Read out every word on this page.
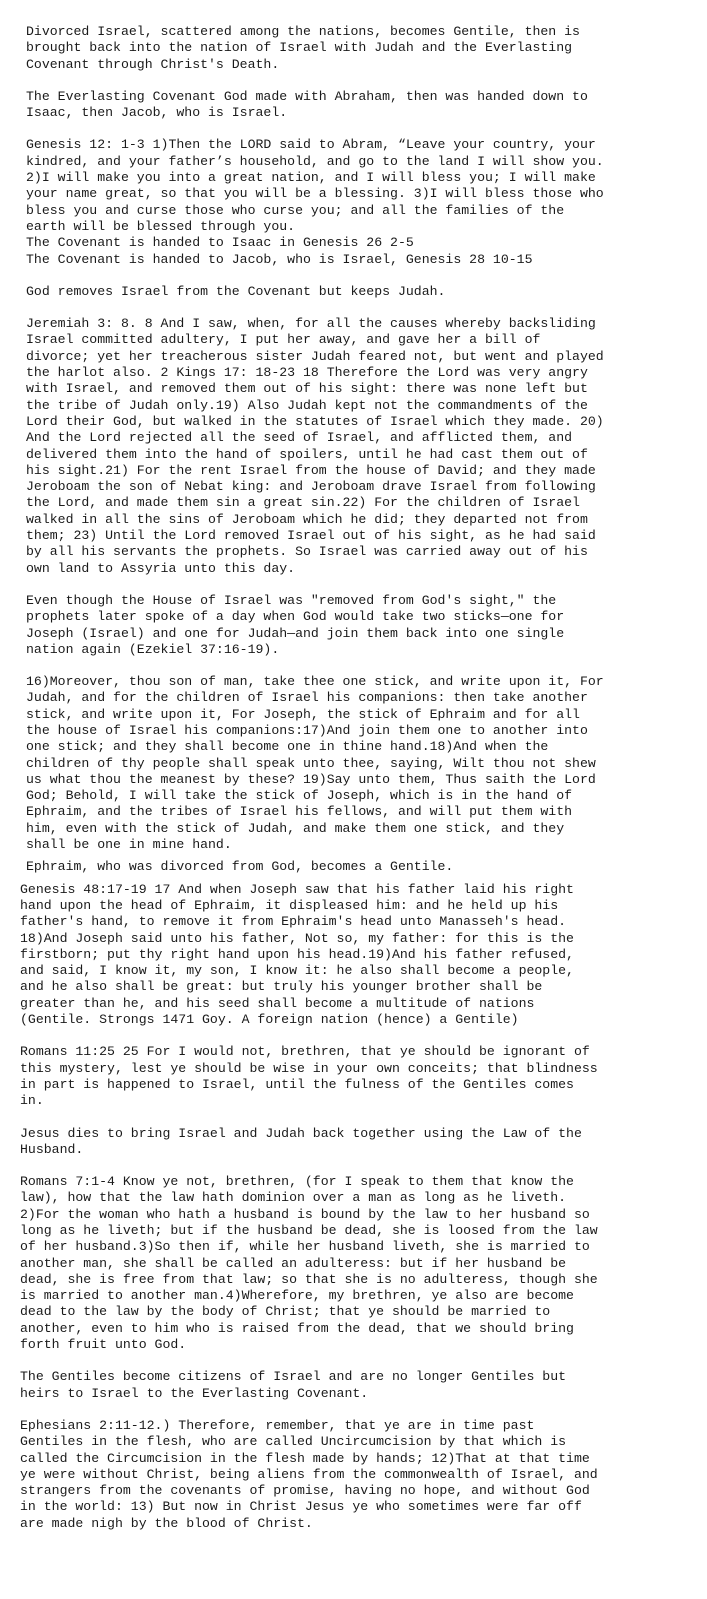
Divorced Israel, scattered among the nations, becomes Gentile, then is
brought back into the nation of Israel with Judah and the Everlasting
Covenant through Christ's Death.

The Everlasting Covenant God made with Abraham, then was handed down to
Isaac, then Jacob, who is Israel.

Genesis 12: 1-3 1)Then the LORD said to Abram, “Leave your country, your
kindred, and your father’s household, and go to the land I will show you.
2)I will make you into a great nation, and I will bless you; I will make
your name great, so that you will be a blessing. 3)I will bless those who
bless you and curse those who curse you; and all the families of the
earth will be blessed through you.
The Covenant is handed to Isaac in Genesis 26 2-5
The Covenant is handed to Jacob, who is Israel, Genesis 28 10-15

God removes Israel from the Covenant but keeps Judah.

Jeremiah 3: 8. 8 And I saw, when, for all the causes whereby backsliding
Israel committed adultery, I put her away, and gave her a bill of
divorce; yet her treacherous sister Judah feared not, but went and played
the harlot also. 2 Kings 17: 18-23 18 Therefore the Lord was very angry
with Israel, and removed them out of his sight: there was none left but
the tribe of Judah only.19) Also Judah kept not the commandments of the
Lord their God, but walked in the statutes of Israel which they made. 20)
And the Lord rejected all the seed of Israel, and afflicted them, and
delivered them into the hand of spoilers, until he had cast them out of
his sight.21) For the rent Israel from the house of David; and they made
Jeroboam the son of Nebat king: and Jeroboam drave Israel from following
the Lord, and made them sin a great sin.22) For the children of Israel
walked in all the sins of Jeroboam which he did; they departed not from
them; 23) Until the Lord removed Israel out of his sight, as he had said
by all his servants the prophets. So Israel was carried away out of his
own land to Assyria unto this day.

Even though the House of Israel was "removed from God's sight," the
prophets later spoke of a day when God would take two sticks—one for
Joseph (Israel) and one for Judah—and join them back into one single
nation again (Ezekiel 37:16-19).

16)Moreover, thou son of man, take thee one stick, and write upon it, For
Judah, and for the children of Israel his companions: then take another
stick, and write upon it, For Joseph, the stick of Ephraim and for all
the house of Israel his companions:17)And join them one to another into
one stick; and they shall become one in thine hand.18)And when the
children of thy people shall speak unto thee, saying, Wilt thou not shew
us what thou the meanest by these? 19)Say unto them, Thus saith the Lord
God; Behold, I will take the stick of Joseph, which is in the hand of
Ephraim, and the tribes of Israel his fellows, and will put them with
him, even with the stick of Judah, and make them one stick, and they
shall be one in mine hand.

Ephraim, who was divorced from God, becomes a Gentile.

Genesis 48:17-19 17 And when Joseph saw that his father laid his right
hand upon the head of Ephraim, it displeased him: and he held up his
father's hand, to remove it from Ephraim's head unto Manasseh's head.
18)And Joseph said unto his father, Not so, my father: for this is the
firstborn; put thy right hand upon his head.19)And his father refused,
and said, I know it, my son, I know it: he also shall become a people,
and he also shall be great: but truly his younger brother shall be
greater than he, and his seed shall become a multitude of nations
(Gentile. Strongs 1471 Goy. A foreign nation (hence) a Gentile)

Romans 11:25 25 For I would not, brethren, that ye should be ignorant of
this mystery, lest ye should be wise in your own conceits; that blindness
in part is happened to Israel, until the fulness of the Gentiles comes
in.

Jesus dies to bring Israel and Judah back together using the Law of the
Husband.

Romans 7:1-4 Know ye not, brethren, (for I speak to them that know the
law), how that the law hath dominion over a man as long as he liveth.
2)For the woman who hath a husband is bound by the law to her husband so
long as he liveth; but if the husband be dead, she is loosed from the law
of her husband.3)So then if, while her husband liveth, she is married to
another man, she shall be called an adulteress: but if her husband be
dead, she is free from that law; so that she is no adulteress, though she
is married to another man.4)Wherefore, my brethren, ye also are become
dead to the law by the body of Christ; that ye should be married to
another, even to him who is raised from the dead, that we should bring
forth fruit unto God.

The Gentiles become citizens of Israel and are no longer Gentiles but
heirs to Israel to the Everlasting Covenant.

Ephesians 2:11-12.) Therefore, remember, that ye are in time past
Gentiles in the flesh, who are called Uncircumcision by that which is
called the Circumcision in the flesh made by hands; 12)That at that time
ye were without Christ, being aliens from the commonwealth of Israel, and
strangers from the covenants of promise, having no hope, and without God
in the world: 13) But now in Christ Jesus ye who sometimes were far off
are made nigh by the blood of Christ.
